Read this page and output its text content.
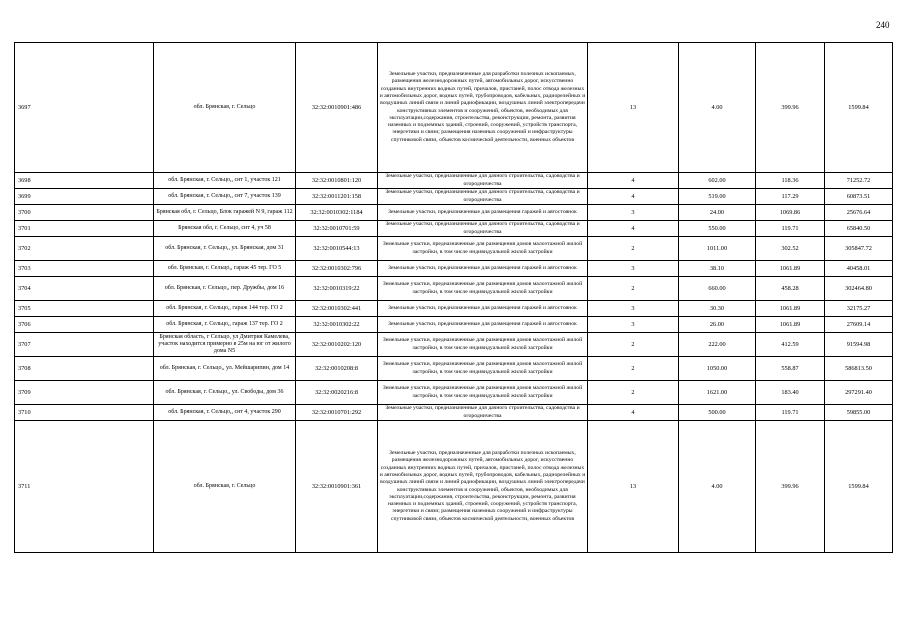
240
3697	обл. Брянская, г. Сельцо	32:32:0010901:486	Земельные участки, предназначенные для разработки полезных ископаемых, размещения железнодорожных путей, автомобильных дорог, искусственно созданных внутренних водных путей, причалов, пристаней, полос отвода железных и автомобильных дорог, водных путей, трубопроводов, кабельных, радиорелейных и воздушных линий связи и линий радиофикации, воздушных линий электропередачи конструктивных элементов и сооружений, объектов, необходимых для эксплуатации,содержания, строительства, реконструкции, ремонта, развития наземных и подземных зданий, строений, сооружений, устройств транспорта, энергетики и связи; размещения наземных сооружений и инфраструктуры спутниковой связи, объектов космической деятельности, военных объектов	13	4.00	399.96	1599.84
3698	обл. Брянская, г. Сельцо,, снт 1, участок 121	32:32:0010801:120	Земельные участки, предназначенные для дачного строительства, садоводства и огородничества	4	602.00	118.36	71252.72
3699	обл. Брянская, г. Сельцо,, снт 7, участок 139	32:32:0011201:158	Земельные участки, предназначенные для дачного строительства, садоводства и огородничества	4	519.00	117.29	60873.51
3700	Брянская обл, г. Сельцо, Блок гаражей N 9, гараж 112	32:32:0010302:1184	Земельные участки, предназначенные для размещения гаражей и автостоянок	3	24.00	1069.86	25676.64
3701	Брянская обл, г. Сельцо, снт 4, уч 58	32:32:0010701:59	Земельные участки, предназначенные для дачного строительства, садоводства и огородничества	4	550.00	119.71	65840.50
3702	обл. Брянская, г. Сельцо,, ул. Брянская, дом 31	32:32:0010544:13	Земельные участки, предназначенные для размещения домов малоэтажной жилой застройки, в том числе индивидуальной жилой застройки	2	1011.00	302.52	305847.72
3703	обл. Брянская, г. Сельцо,, гараж 45 тер. ГО 5	32:32:0010302:796	Земельные участки, предназначенные для размещения гаражей и автостоянок	3	38.10	1061.89	40458.01
3704	обл. Брянская, г. Сельцо,, пер. Дружбы, дом 16	32:32:0010319:22	Земельные участки, предназначенные для размещения домов малоэтажной жилой застройки, в том числе индивидуальной жилой застройки	2	660.00	458.28	302464.80
3705	обл. Брянская, г. Сельцо,, гараж 144 тер. ГО 2	32:32:0010302:441	Земельные участки, предназначенные для размещения гаражей и автостоянок	3	30.30	1061.89	32175.27
3706	обл. Брянская, г. Сельцо,, гараж 137 тер. ГО 2	32:32:0010302:22	Земельные участки, предназначенные для размещения гаражей и автостоянок	3	26.00	1061.89	27609.14
3707	Брянская область, г Сельцо, ул Дмитрия Камелева, участок находится примерно в 25м на юг от жилого дома N5	32:32:0010202:120	Земельные участки, предназначенные для размещения домов малоэтажной жилой застройки, в том числе индивидуальной жилой застройки	2	222.00	412.59	91594.98
3708	обл. Брянская, г. Сельцо,, ул. Мейшарипин, дом 14	32:32:0010208:8	Земельные участки, предназначенные для размещения домов малоэтажной жилой застройки, в том числе индивидуальной жилой застройки	2	1050.00	558.87	586813.50
3709	обл. Брянская, г. Сельцо,, ул. Свободы, дом 36	32:32:0020216:8	Земельные участки, предназначенные для размещения домов малоэтажной жилой застройки, в том числе индивидуальной жилой застройки	2	1621.00	183.40	297291.40
3710	обл. Брянская, г. Сельцо,, снт 4, участок 290	32:32:0010701:292	Земельные участки, предназначенные для дачного строительства, садоводства и огородничества	4	500.00	119.71	59855.00
3711	обл. Брянская, г. Сельцо	32:32:0010901:361	Земельные участки, предназначенные для разработки полезных ископаемых, размещения железнодорожных путей, автомобильных дорог, искусственно созданных внутренних водных путей, причалов, пристаней, полос отвода железных и автомобильных дорог, водных путей, трубопроводов, кабельных, радиорелейных и воздушных линий связи и линий радиофикации, воздушных линий электропередачи конструктивных элементов и сооружений, объектов, необходимых для эксплуатации,содержания, строительства, реконструкции, ремонта, развития наземных и подземных зданий, строений, сооружений, устройств транспорта, энергетики и связи; размещения наземных сооружений и инфраструктуры спутниковой связи, объектов космической деятельности, военных объектов	13	4.00	399.96	1599.84
